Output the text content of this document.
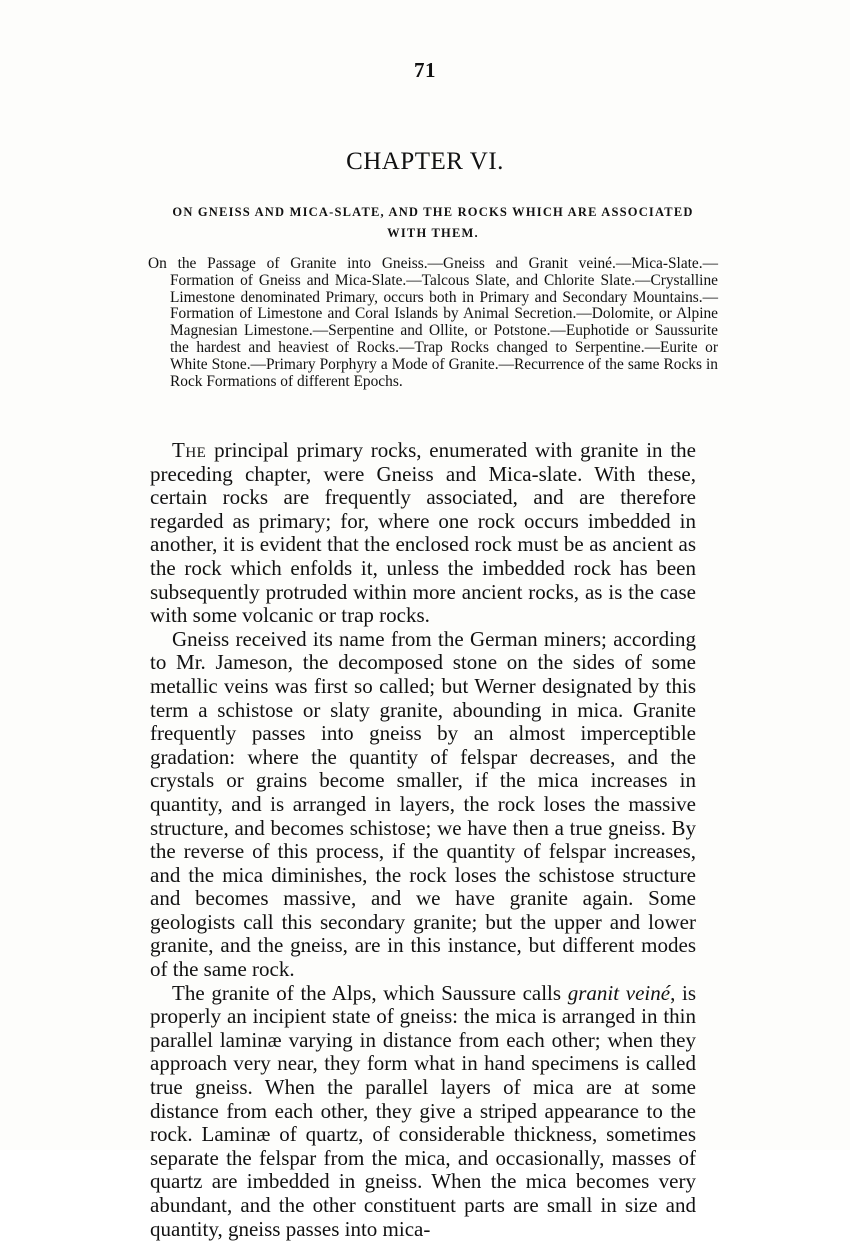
71
CHAPTER VI.
ON GNEISS AND MICA-SLATE, AND THE ROCKS WHICH ARE ASSOCIATED WITH THEM.
On the Passage of Granite into Gneiss.—Gneiss and Granit veiné.—Mica-Slate.—Formation of Gneiss and Mica-Slate.—Talcous Slate, and Chlorite Slate.—Crystalline Limestone denominated Primary, occurs both in Primary and Secondary Mountains.—Formation of Limestone and Coral Islands by Animal Secretion.—Dolomite, or Alpine Magnesian Limestone.—Serpentine and Ollite, or Potstone.—Euphotide or Saussurite the hardest and heaviest of Rocks.—Trap Rocks changed to Serpentine.—Eurite or White Stone.—Primary Porphyry a Mode of Granite.—Recurrence of the same Rocks in Rock Formations of different Epochs.

The principal primary rocks, enumerated with granite in the preceding chapter, were Gneiss and Mica-slate. With these, certain rocks are frequently associated, and are therefore regarded as primary; for, where one rock occurs imbedded in another, it is evident that the enclosed rock must be as ancient as the rock which enfolds it, unless the imbedded rock has been subsequently protruded within more ancient rocks, as is the case with some volcanic or trap rocks.

Gneiss received its name from the German miners; according to Mr. Jameson, the decomposed stone on the sides of some metallic veins was first so called; but Werner designated by this term a schistose or slaty granite, abounding in mica. Granite frequently passes into gneiss by an almost imperceptible gradation: where the quantity of felspar decreases, and the crystals or grains become smaller, if the mica increases in quantity, and is arranged in layers, the rock loses the massive structure, and becomes schistose; we have then a true gneiss. By the reverse of this process, if the quantity of felspar increases, and the mica diminishes, the rock loses the schistose structure and becomes massive, and we have granite again. Some geologists call this secondary granite; but the upper and lower granite, and the gneiss, are in this instance, but different modes of the same rock.

The granite of the Alps, which Saussure calls granit veiné, is properly an incipient state of gneiss: the mica is arranged in thin parallel laminæ varying in distance from each other; when they approach very near, they form what in hand specimens is called true gneiss. When the parallel layers of mica are at some distance from each other, they give a striped appearance to the rock. Laminæ of quartz, of considerable thickness, sometimes separate the felspar from the mica, and occasionally, masses of quartz are imbedded in gneiss. When the mica becomes very abundant, and the other constituent parts are small in size and quantity, gneiss passes into mica-
